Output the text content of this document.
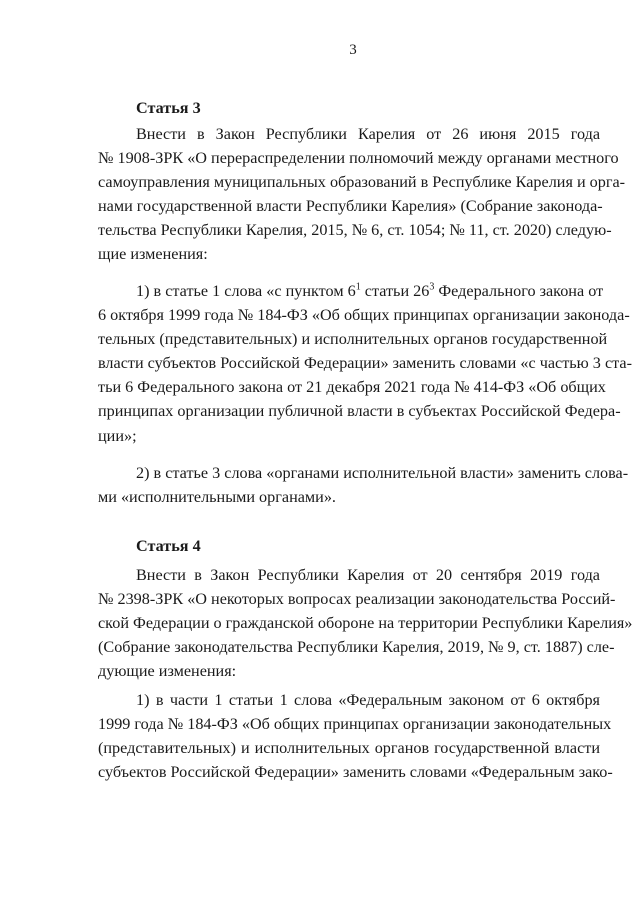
3
Статья 3
Внести в Закон Республики Карелия от 26 июня 2015 года
№ 1908-ЗРК «О перераспределении полномочий между органами местного
самоуправления муниципальных образований в Республике Карелия и орга-
нами государственной власти Республики Карелия» (Собрание законода-
тельства Республики Карелия, 2015, № 6, ст. 1054; № 11, ст. 2020) следую-
щие изменения:
1) в статье 1 слова «с пунктом $6^1$ статьи $26^3$ Федерального закона от
6 октября 1999 года № 184-ФЗ «Об общих принципах организации законода-
тельных (представительных) и исполнительных органов государственной
власти субъектов Российской Федерации» заменить словами «с частью 3 ста-
тьи 6 Федерального закона от 21 декабря 2021 года № 414-ФЗ «Об общих
принципах организации публичной власти в субъектах Российской Федера-
ции»;
2) в статье 3 слова «органами исполнительной власти» заменить слова-
ми «исполнительными органами».
Статья 4
Внести в Закон Республики Карелия от 20 сентября 2019 года
№ 2398-ЗРК «О некоторых вопросах реализации законодательства Россий-
ской Федерации о гражданской обороне на территории Республики Карелия»
(Собрание законодательства Республики Карелия, 2019, № 9, ст. 1887) сле-
дующие изменения:
1) в части 1 статьи 1 слова «Федеральным законом от 6 октября
1999 года № 184-ФЗ «Об общих принципах организации законодательных
(представительных) и исполнительных органов государственной власти
субъектов Российской Федерации» заменить словами «Федеральным зако-
